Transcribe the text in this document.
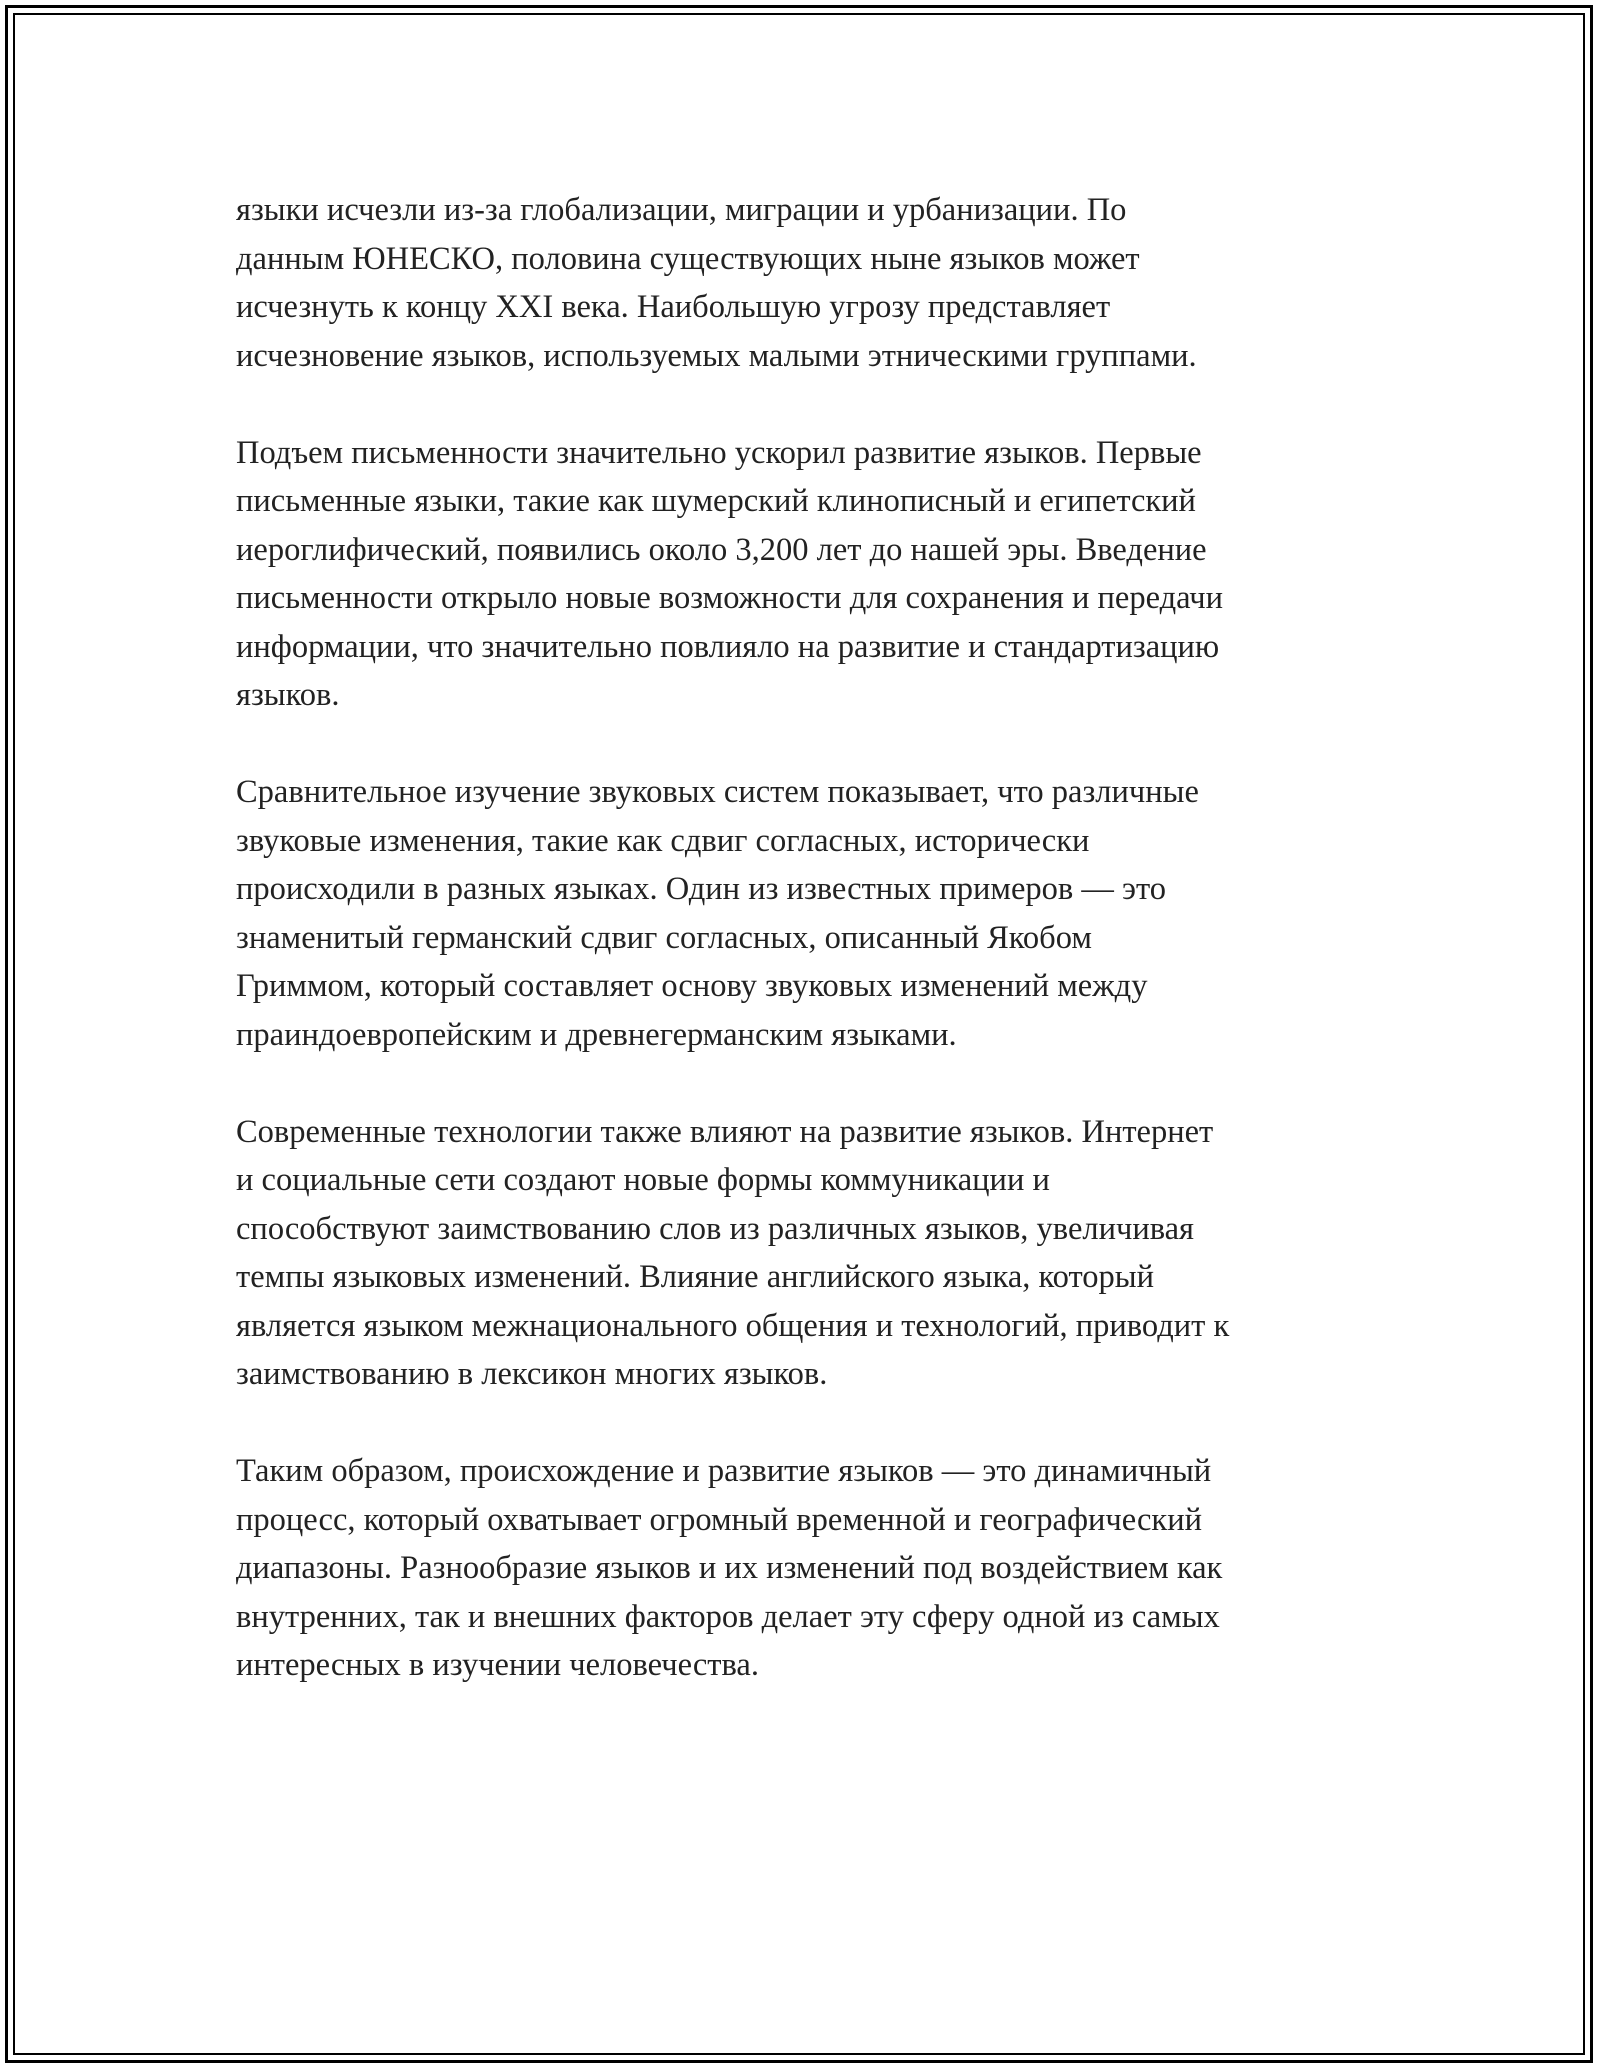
языки исчезли из-за глобализации, миграции и урбанизации. По
данным ЮНЕСКО, половина существующих ныне языков может
исчезнуть к концу XXI века. Наибольшую угрозу представляет
исчезновение языков, используемых малыми этническими группами.

Подъем письменности значительно ускорил развитие языков. Первые
письменные языки, такие как шумерский клинописный и египетский
иероглифический, появились около 3,200 лет до нашей эры. Введение
письменности открыло новые возможности для сохранения и передачи
информации, что значительно повлияло на развитие и стандартизацию
языков.

Сравнительное изучение звуковых систем показывает, что различные
звуковые изменения, такие как сдвиг согласных, исторически
происходили в разных языках. Один из известных примеров — это
знаменитый германский сдвиг согласных, описанный Якобом
Гриммом, который составляет основу звуковых изменений между
праиндоевропейским и древнегерманским языками.

Современные технологии также влияют на развитие языков. Интернет
и социальные сети создают новые формы коммуникации и
способствуют заимствованию слов из различных языков, увеличивая
темпы языковых изменений. Влияние английского языка, который
является языком межнационального общения и технологий, приводит к
заимствованию в лексикон многих языков.

Таким образом, происхождение и развитие языков — это динамичный
процесс, который охватывает огромный временной и географический
диапазоны. Разнообразие языков и их изменений под воздействием как
внутренних, так и внешних факторов делает эту сферу одной из самых
интересных в изучении человечества.
